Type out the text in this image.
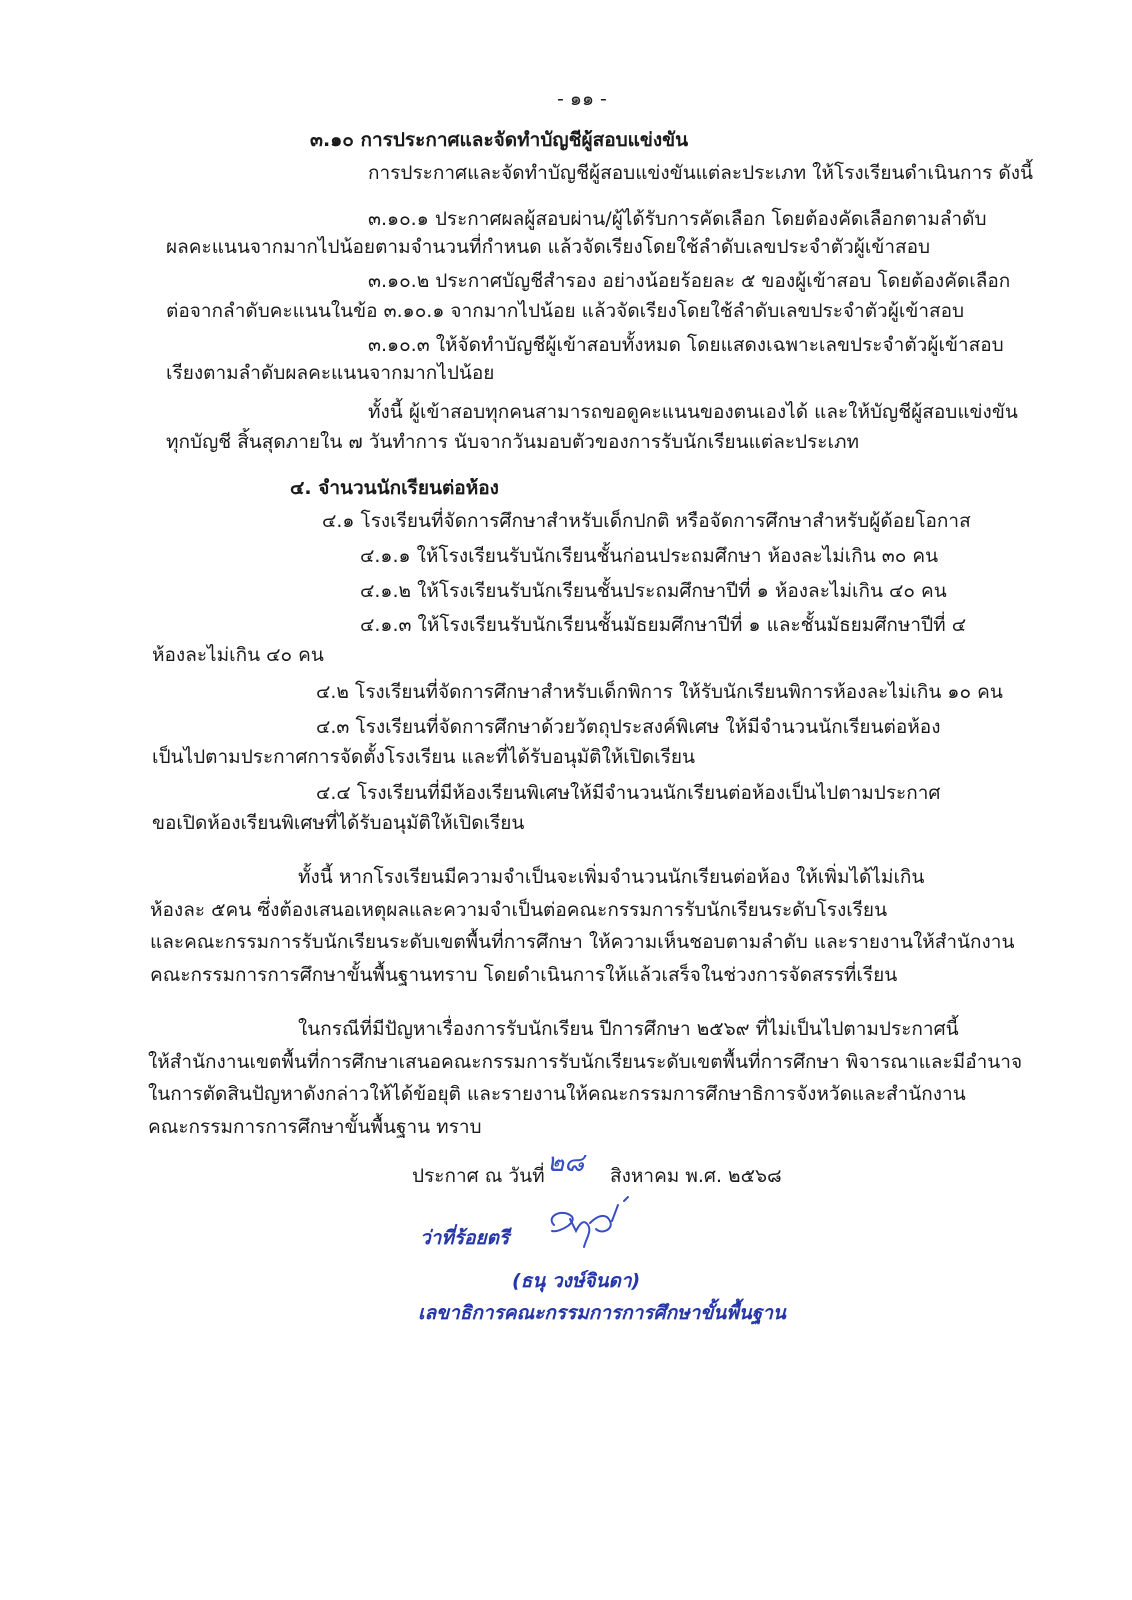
- ๑๑ -
๓.๑๐ การประกาศและจัดทำบัญชีผู้สอบแข่งขัน
การประกาศและจัดทำบัญชีผู้สอบแข่งขันแต่ละประเภท ให้โรงเรียนดำเนินการ ดังนี้
๓.๑๐.๑ ประกาศผลผู้สอบผ่าน/ผู้ได้รับการคัดเลือก โดยต้องคัดเลือกตามลำดับ
ผลคะแนนจากมากไปน้อยตามจำนวนที่กำหนด แล้วจัดเรียงโดยใช้ลำดับเลขประจำตัวผู้เข้าสอบ
๓.๑๐.๒ ประกาศบัญชีสำรอง อย่างน้อยร้อยละ ๕ ของผู้เข้าสอบ โดยต้องคัดเลือก
ต่อจากลำดับคะแนนในข้อ ๓.๑๐.๑ จากมากไปน้อย แล้วจัดเรียงโดยใช้ลำดับเลขประจำตัวผู้เข้าสอบ
๓.๑๐.๓ ให้จัดทำบัญชีผู้เข้าสอบทั้งหมด โดยแสดงเฉพาะเลขประจำตัวผู้เข้าสอบ
เรียงตามลำดับผลคะแนนจากมากไปน้อย
ทั้งนี้ ผู้เข้าสอบทุกคนสามารถขอดูคะแนนของตนเองได้ และให้บัญชีผู้สอบแข่งขัน
ทุกบัญชี สิ้นสุดภายใน ๗ วันทำการ นับจากวันมอบตัวของการรับนักเรียนแต่ละประเภท
๔. จำนวนนักเรียนต่อห้อง
๔.๑ โรงเรียนที่จัดการศึกษาสำหรับเด็กปกติ หรือจัดการศึกษาสำหรับผู้ด้อยโอกาส
๔.๑.๑ ให้โรงเรียนรับนักเรียนชั้นก่อนประถมศึกษา ห้องละไม่เกิน ๓๐ คน
๔.๑.๒ ให้โรงเรียนรับนักเรียนชั้นประถมศึกษาปีที่ ๑ ห้องละไม่เกิน ๔๐ คน
๔.๑.๓ ให้โรงเรียนรับนักเรียนชั้นมัธยมศึกษาปีที่ ๑ และชั้นมัธยมศึกษาปีที่ ๔
ห้องละไม่เกิน ๔๐ คน
๔.๒ โรงเรียนที่จัดการศึกษาสำหรับเด็กพิการ ให้รับนักเรียนพิการห้องละไม่เกิน ๑๐ คน
๔.๓ โรงเรียนที่จัดการศึกษาด้วยวัตถุประสงค์พิเศษ ให้มีจำนวนนักเรียนต่อห้อง
เป็นไปตามประกาศการจัดตั้งโรงเรียน และที่ได้รับอนุมัติให้เปิดเรียน
๔.๔ โรงเรียนที่มีห้องเรียนพิเศษให้มีจำนวนนักเรียนต่อห้องเป็นไปตามประกาศ
ขอเปิดห้องเรียนพิเศษที่ได้รับอนุมัติให้เปิดเรียน
ทั้งนี้ หากโรงเรียนมีความจำเป็นจะเพิ่มจำนวนนักเรียนต่อห้อง ให้เพิ่มได้ไม่เกิน
ห้องละ ๕คน ซึ่งต้องเสนอเหตุผลและความจำเป็นต่อคณะกรรมการรับนักเรียนระดับโรงเรียน
และคณะกรรมการรับนักเรียนระดับเขตพื้นที่การศึกษา ให้ความเห็นชอบตามลำดับ และรายงานให้สำนักงาน
คณะกรรมการการศึกษาขั้นพื้นฐานทราบ โดยดำเนินการให้แล้วเสร็จในช่วงการจัดสรรที่เรียน
ในกรณีที่มีปัญหาเรื่องการรับนักเรียน ปีการศึกษา ๒๕๖๙ ที่ไม่เป็นไปตามประกาศนี้
ให้สำนักงานเขตพื้นที่การศึกษาเสนอคณะกรรมการรับนักเรียนระดับเขตพื้นที่การศึกษา พิจารณาและมีอำนาจ
ในการตัดสินปัญหาดังกล่าวให้ได้ข้อยุติ และรายงานให้คณะกรรมการศึกษาธิการจังหวัดและสำนักงาน
คณะกรรมการการศึกษาขั้นพื้นฐาน ทราบ
ประกาศ ณ วันที่ ๒๘ สิงหาคม พ.ศ. ๒๕๖๘
ว่าที่ร้อยตรี
(ธนุ วงษ์จินดา)
เลขาธิการคณะกรรมการการศึกษาขั้นพื้นฐาน
